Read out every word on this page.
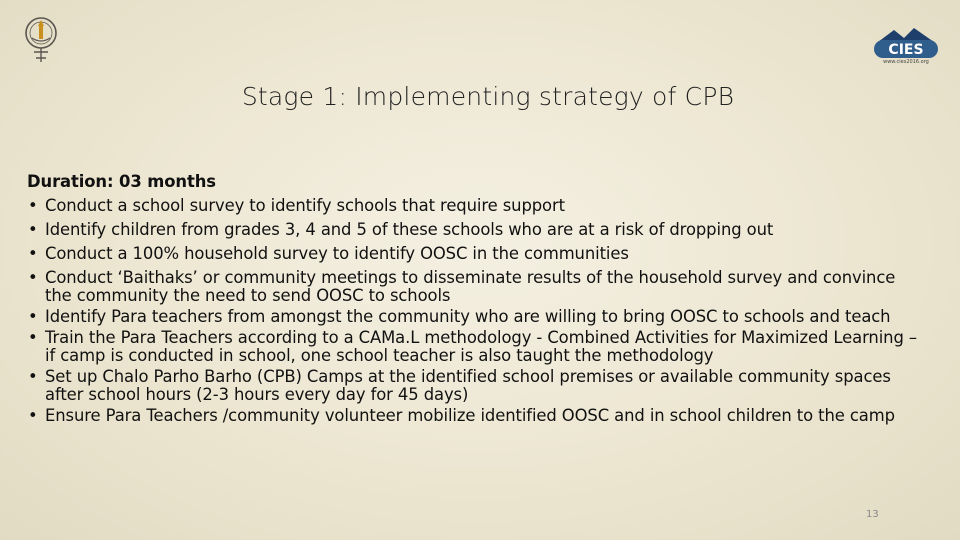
CIES
www.cies2016.org
Stage 1: Implementing strategy of CPB
Duration: 03 months
• Conduct a school survey to identify schools that require support
• Identify children from grades 3, 4 and 5 of these schools who are at a risk of dropping out
• Conduct a 100% household survey to identify OOSC in the communities
• Conduct ‘Baithaks’ or community meetings to disseminate results of the household survey and convince the community the need to send OOSC to schools
• Identify Para teachers from amongst the community who are willing to bring OOSC to schools and teach
• Train the Para Teachers according to a CAMa.L methodology - Combined Activities for Maximized Learning – if camp is conducted in school, one school teacher is also taught the methodology
• Set up Chalo Parho Barho (CPB) Camps at the identified school premises or available community spaces after school hours (2-3 hours every day for 45 days)
• Ensure Para Teachers /community volunteer mobilize identified OOSC and in school children to the camp
13
